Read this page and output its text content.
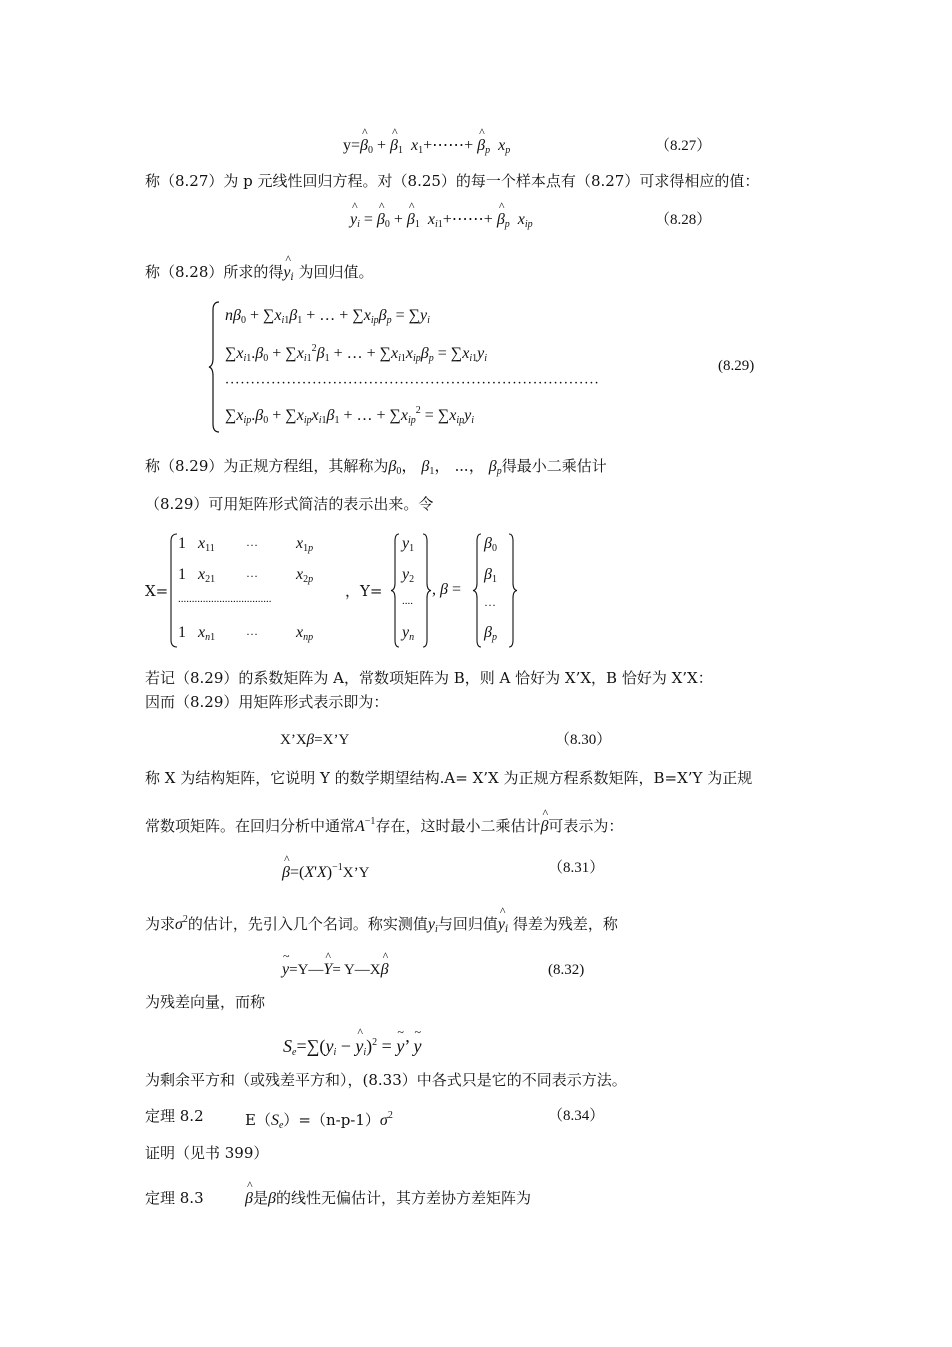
y=^ $\beta_0$ + ^ $\beta_1$ $x_1+\cdots\cdots+$ ^ $\beta_p$ $x_p$	（8.27）
称（8.27）为 p 元线性回归方程。对（8.25）的每一个样本点有（8.27）可求得相应的值：
^ $y_i$ = ^ $\beta_0$ + ^ $\beta_1$ $x_{i1}+\cdots\cdots+$ ^ $\beta_p$ $x_{ip}$	（8.28）
称（8.28）所求的得^ $y_i$ 为回归值。
$n\beta_0 + \sum x_{i1}\beta_1$ + … + $\sum x_{ip}\beta_p = \sum y_i$
$\sum x_{i1}.\beta_0 + \sum x_{i1}^2\beta_1$ + … + $\sum x_{i1}x_{ip}\beta_p = \sum x_{i1}y_i$
·········································································
$\sum x_{ip}.\beta_0 + \sum x_{ip}x_{i1}\beta_1$ + … + $\sum x_{ip}^2 = \sum x_{ip}y_i$
(8.29)
称（8.29）为正规方程组，其解称为$\beta_0$， $\beta_1$， ⋯， $\beta_p$得最小二乘估计
（8.29）可用矩阵形式简洁的表示出来。令
X=
1   $x_{11}$	… $x_{1p}$
1   $x_{21}$	… $x_{2p}$
..................................
1   $x_{n1}$	… $x_{np}$
，Y=
$y_1$
$y_2$
....
$y_n$
, β =
$\beta_0$
$\beta_1$
…
$\beta_p$
若记（8.29）的系数矩阵为 A，常数项矩阵为 B，则 A 恰好为 X’X，B 恰好为 X’X：
因而（8.29）用矩阵形式表示即为：
X’Xβ=X’Y	（8.30）
称 X 为结构矩阵，它说明 Y 的数学期望结构.A= X’X 为正规方程系数矩阵，B=X’Y 为正规
常数项矩阵。在回归分析中通常$A^{-1}$存在，这时最小二乘估计^ β可表示为：
^ $\beta=(X'X)^{-1}X’Y$	（8.31）
为求$\sigma^2$的估计，先引入几个名词。称实测值$y_i$与回归值^ $y_i$ 得差为残差，称
~ y=Y—^ Y= Y—X^ β	(8.32)
为残差向量，而称
$S_e=\sum(y_i$ − ^ $y_i)^2$ = ~ y’ ~ y
为剩余平方和（或残差平方和），(8.33）中各式只是它的不同表示方法。
定理 8.2	$E(S_e)=(n-p-1)\sigma^2$	（8.34）
证明（见书 399）
定理 8.3
^	β是β的线性无偏估计，其方差协方差矩阵为
